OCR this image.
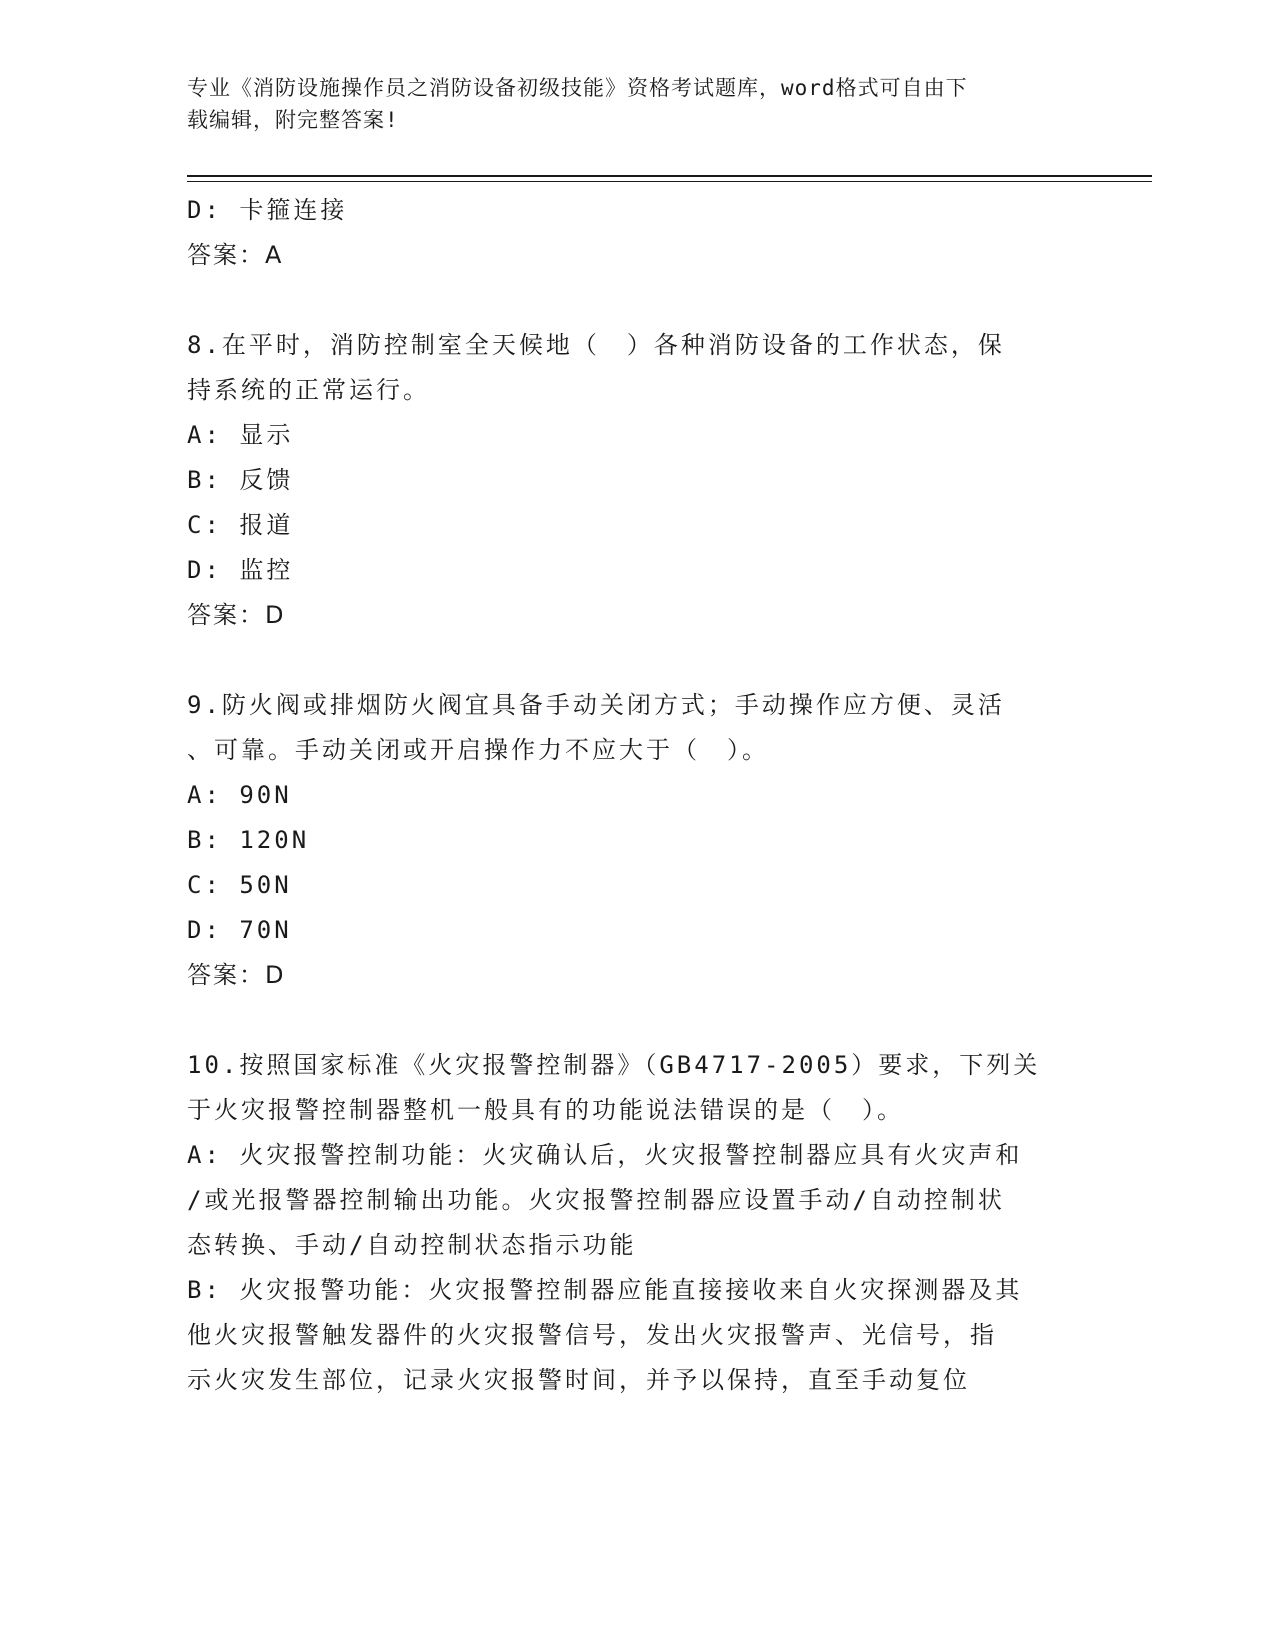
专业《消防设施操作员之消防设备初级技能》资格考试题库，word格式可自由下
载编辑，附完整答案!
D: 卡箍连接
答案：A
8.在平时，消防控制室全天候地（　）各种消防设备的工作状态，保
持系统的正常运行。
A: 显示
B: 反馈
C: 报道
D: 监控
答案：D
9.防火阀或排烟防火阀宜具备手动关闭方式；手动操作应方便、灵活
、可靠。手动关闭或开启操作力不应大于（　）。
A: 90N
B: 120N
C: 50N
D: 70N
答案：D
10.按照国家标准《火灾报警控制器》（GB4717-2005）要求，下列关
于火灾报警控制器整机一般具有的功能说法错误的是（　）。
A: 火灾报警控制功能：火灾确认后，火灾报警控制器应具有火灾声和
/或光报警器控制输出功能。火灾报警控制器应设置手动/自动控制状
态转换、手动/自动控制状态指示功能
B: 火灾报警功能：火灾报警控制器应能直接接收来自火灾探测器及其
他火灾报警触发器件的火灾报警信号，发出火灾报警声、光信号，指
示火灾发生部位，记录火灾报警时间，并予以保持，直至手动复位
